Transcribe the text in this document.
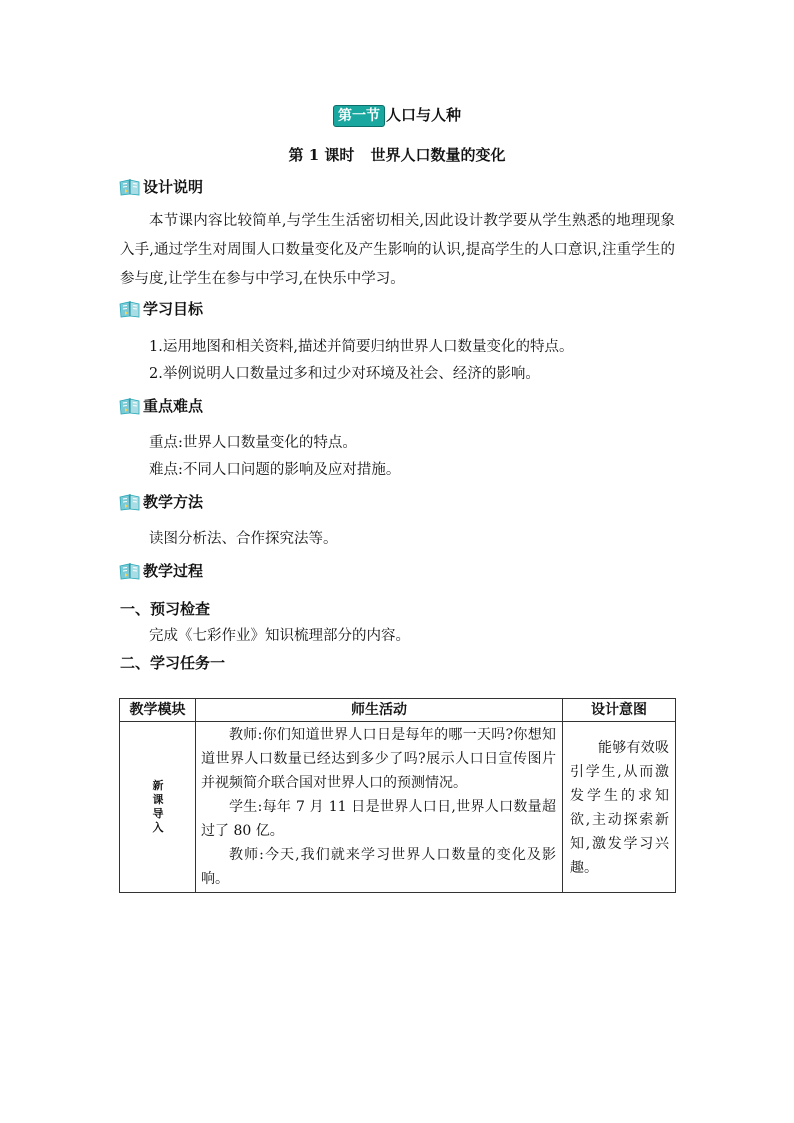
第一节 人口与人种
第 1 课时 世界人口数量的变化
设计说明
本节课内容比较简单,与学生生活密切相关,因此设计教学要从学生熟悉的地理现象入手,通过学生对周围人口数量变化及产生影响的认识,提高学生的人口意识,注重学生的参与度,让学生在参与中学习,在快乐中学习。
学习目标
1.运用地图和相关资料,描述并简要归纳世界人口数量变化的特点。
2.举例说明人口数量过多和过少对环境及社会、经济的影响。
重点难点
重点:世界人口数量变化的特点。
难点:不同人口问题的影响及应对措施。
教学方法
读图分析法、合作探究法等。
教学过程
一、预习检查
完成《七彩作业》知识梳理部分的内容。
二、学习任务一
教学模块	师生活动	设计意图
新课导入	教师:你们知道世界人口日是每年的哪一天吗?你想知道世界人口数量已经达到多少了吗?展示人口日宣传图片并视频简介联合国对世界人口的预测情况。

学生:每年 7 月 11 日是世界人口日,世界人口数量超过了 80 亿。

教师:今天,我们就来学习世界人口数量的变化及影响。	能够有效吸引学生,从而激发学生的求知欲,主动探索新知,激发学习兴趣。
